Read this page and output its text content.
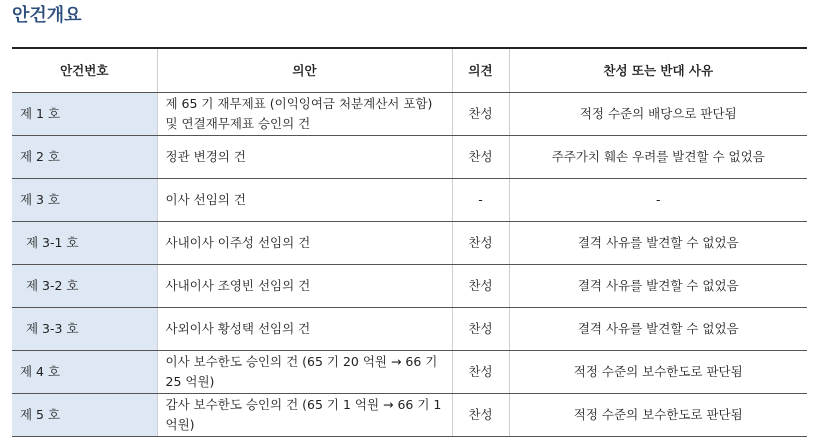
안건개요
안건번호	의안	의견	찬성 또는 반대 사유
제 1 호	제 65 기 재무제표 (이익잉여금 처분계산서 포함) 및 연결재무제표 승인의 건	찬성	적정 수준의 배당으로 판단됨
제 2 호	정관 변경의 건	찬성	주주가치 훼손 우려를 발견할 수 없었음
제 3 호	이사 선임의 건	-	-
제 3-1 호	사내이사 이주성 선임의 건	찬성	결격 사유를 발견할 수 없었음
제 3-2 호	사내이사 조영빈 선임의 건	찬성	결격 사유를 발견할 수 없었음
제 3-3 호	사외이사 황성택 선임의 건	찬성	결격 사유를 발견할 수 없었음
제 4 호	이사 보수한도 승인의 건 (65 기 20 억원 → 66 기 25 억원)	찬성	적정 수준의 보수한도로 판단됨
제 5 호	감사 보수한도 승인의 건 (65 기 1 억원 → 66 기 1 억원)	찬성	적정 수준의 보수한도로 판단됨
